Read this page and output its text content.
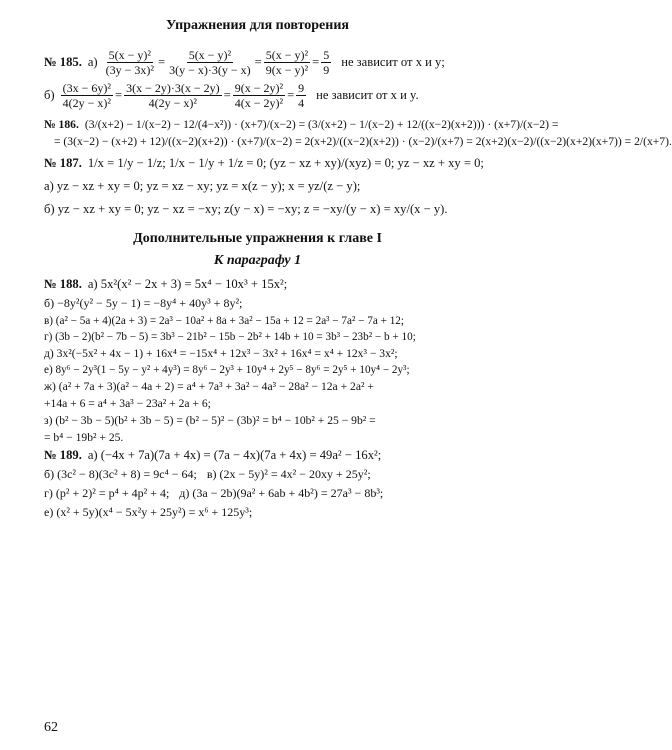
Упражнения для повторения
№ 185. $а) \frac{\text{5(x − y)²}}{\text{(3y − 3x)²}} = \frac{\text{5(x − y)²}}{3(y - x)\cdot 3(y - x)} = \frac{\text{5(x − y)²}}{\text{9(x − y)²}} = \frac{5}{9}$ не зависит от x и y;
$б) \frac{\text{(3x − 6y)²}}{\text{4(2y − x)²}} = \frac{3(x - 2y)\cdot 3(x - 2y)}{\text{4(2y − x)²}} = \frac{\text{9(x − 2y)²}}{\text{4(x − 2y)²}} = \frac{9}{4}$ не зависит от x и y.
№ 186. (3/(x+2) − 1/(x−2) − 12/(4−x²)) · (x+7)/(x−2) = (3/(x+2) − 1/(x−2) + 12/((x−2)(x+2))) · (x+7)/(x−2) =
= (3(x−2) − (x+2) + 12)/((x−2)(x+2)) · (x+7)/(x−2) = 2(x+2)/((x−2)(x+2)) · (x−2)/(x+7) = 2(x+2)(x−2)/((x−2)(x+2)(x+7)) = 2/(x+7).
№ 187. 1/x = 1/y − 1/z; 1/x − 1/y + 1/z = 0; (yz − xz + xy)/(xyz) = 0; yz − xz + xy = 0;
а) yz − xz + xy = 0; yz = xz − xy; yz = x(z − y); x = yz/(z − y);
б) yz − xz + xy = 0; yz − xz = −xy; z(y − x) = −xy; z = −xy/(y − x) = xy/(x − y).
Дополнительные упражнения к главе I
К параграфу 1
№ 188. а) 5x²(x² − 2x + 3) = 5x⁴ − 10x³ + 15x²;
б) −8y²(y² − 5y − 1) = −8y⁴ + 40y³ + 8y²;
в) (a² − 5a + 4)(2a + 3) = 2a³ − 10a² + 8a + 3a² − 15a + 12 = 2a³ − 7a² − 7a + 12;
г) (3b − 2)(b² − 7b − 5) = 3b³ − 21b² − 15b − 2b² + 14b + 10 = 3b³ − 23b² − b + 10;
д) 3x²(−5x² + 4x − 1) + 16x⁴ = −15x⁴ + 12x³ − 3x² + 16x⁴ = x⁴ + 12x³ − 3x²;
е) 8y⁶ − 2y³(1 − 5y − y² + 4y³) = 8y⁶ − 2y³ + 10y⁴ + 2y⁵ − 8y⁶ = 2y⁵ + 10y⁴ − 2y³;
ж) (a² + 7a + 3)(a² − 4a + 2) = a⁴ + 7a³ + 3a² − 4a³ − 28a² − 12a + 2a² +
+14a + 6 = a⁴ + 3a³ − 23a² + 2a + 6;
з) (b² − 3b − 5)(b² + 3b − 5) = (b² − 5)² − (3b)² = b⁴ − 10b² + 25 − 9b² =
= b⁴ − 19b² + 25.
№ 189. а) (−4x + 7a)(7a + 4x) = (7a − 4x)(7a + 4x) = 49a² − 16x²;
б) (3c² − 8)(3c² + 8) = 9c⁴ − 64; в) (2x − 5y)² = 4x² − 20xy + 25y²;
г) (p² + 2)² = p⁴ + 4p² + 4; д) (3a − 2b)(9a² + 6ab + 4b²) = 27a³ − 8b³;
е) (x² + 5y)(x⁴ − 5x²y + 25y²) = x⁶ + 125y³;
62
